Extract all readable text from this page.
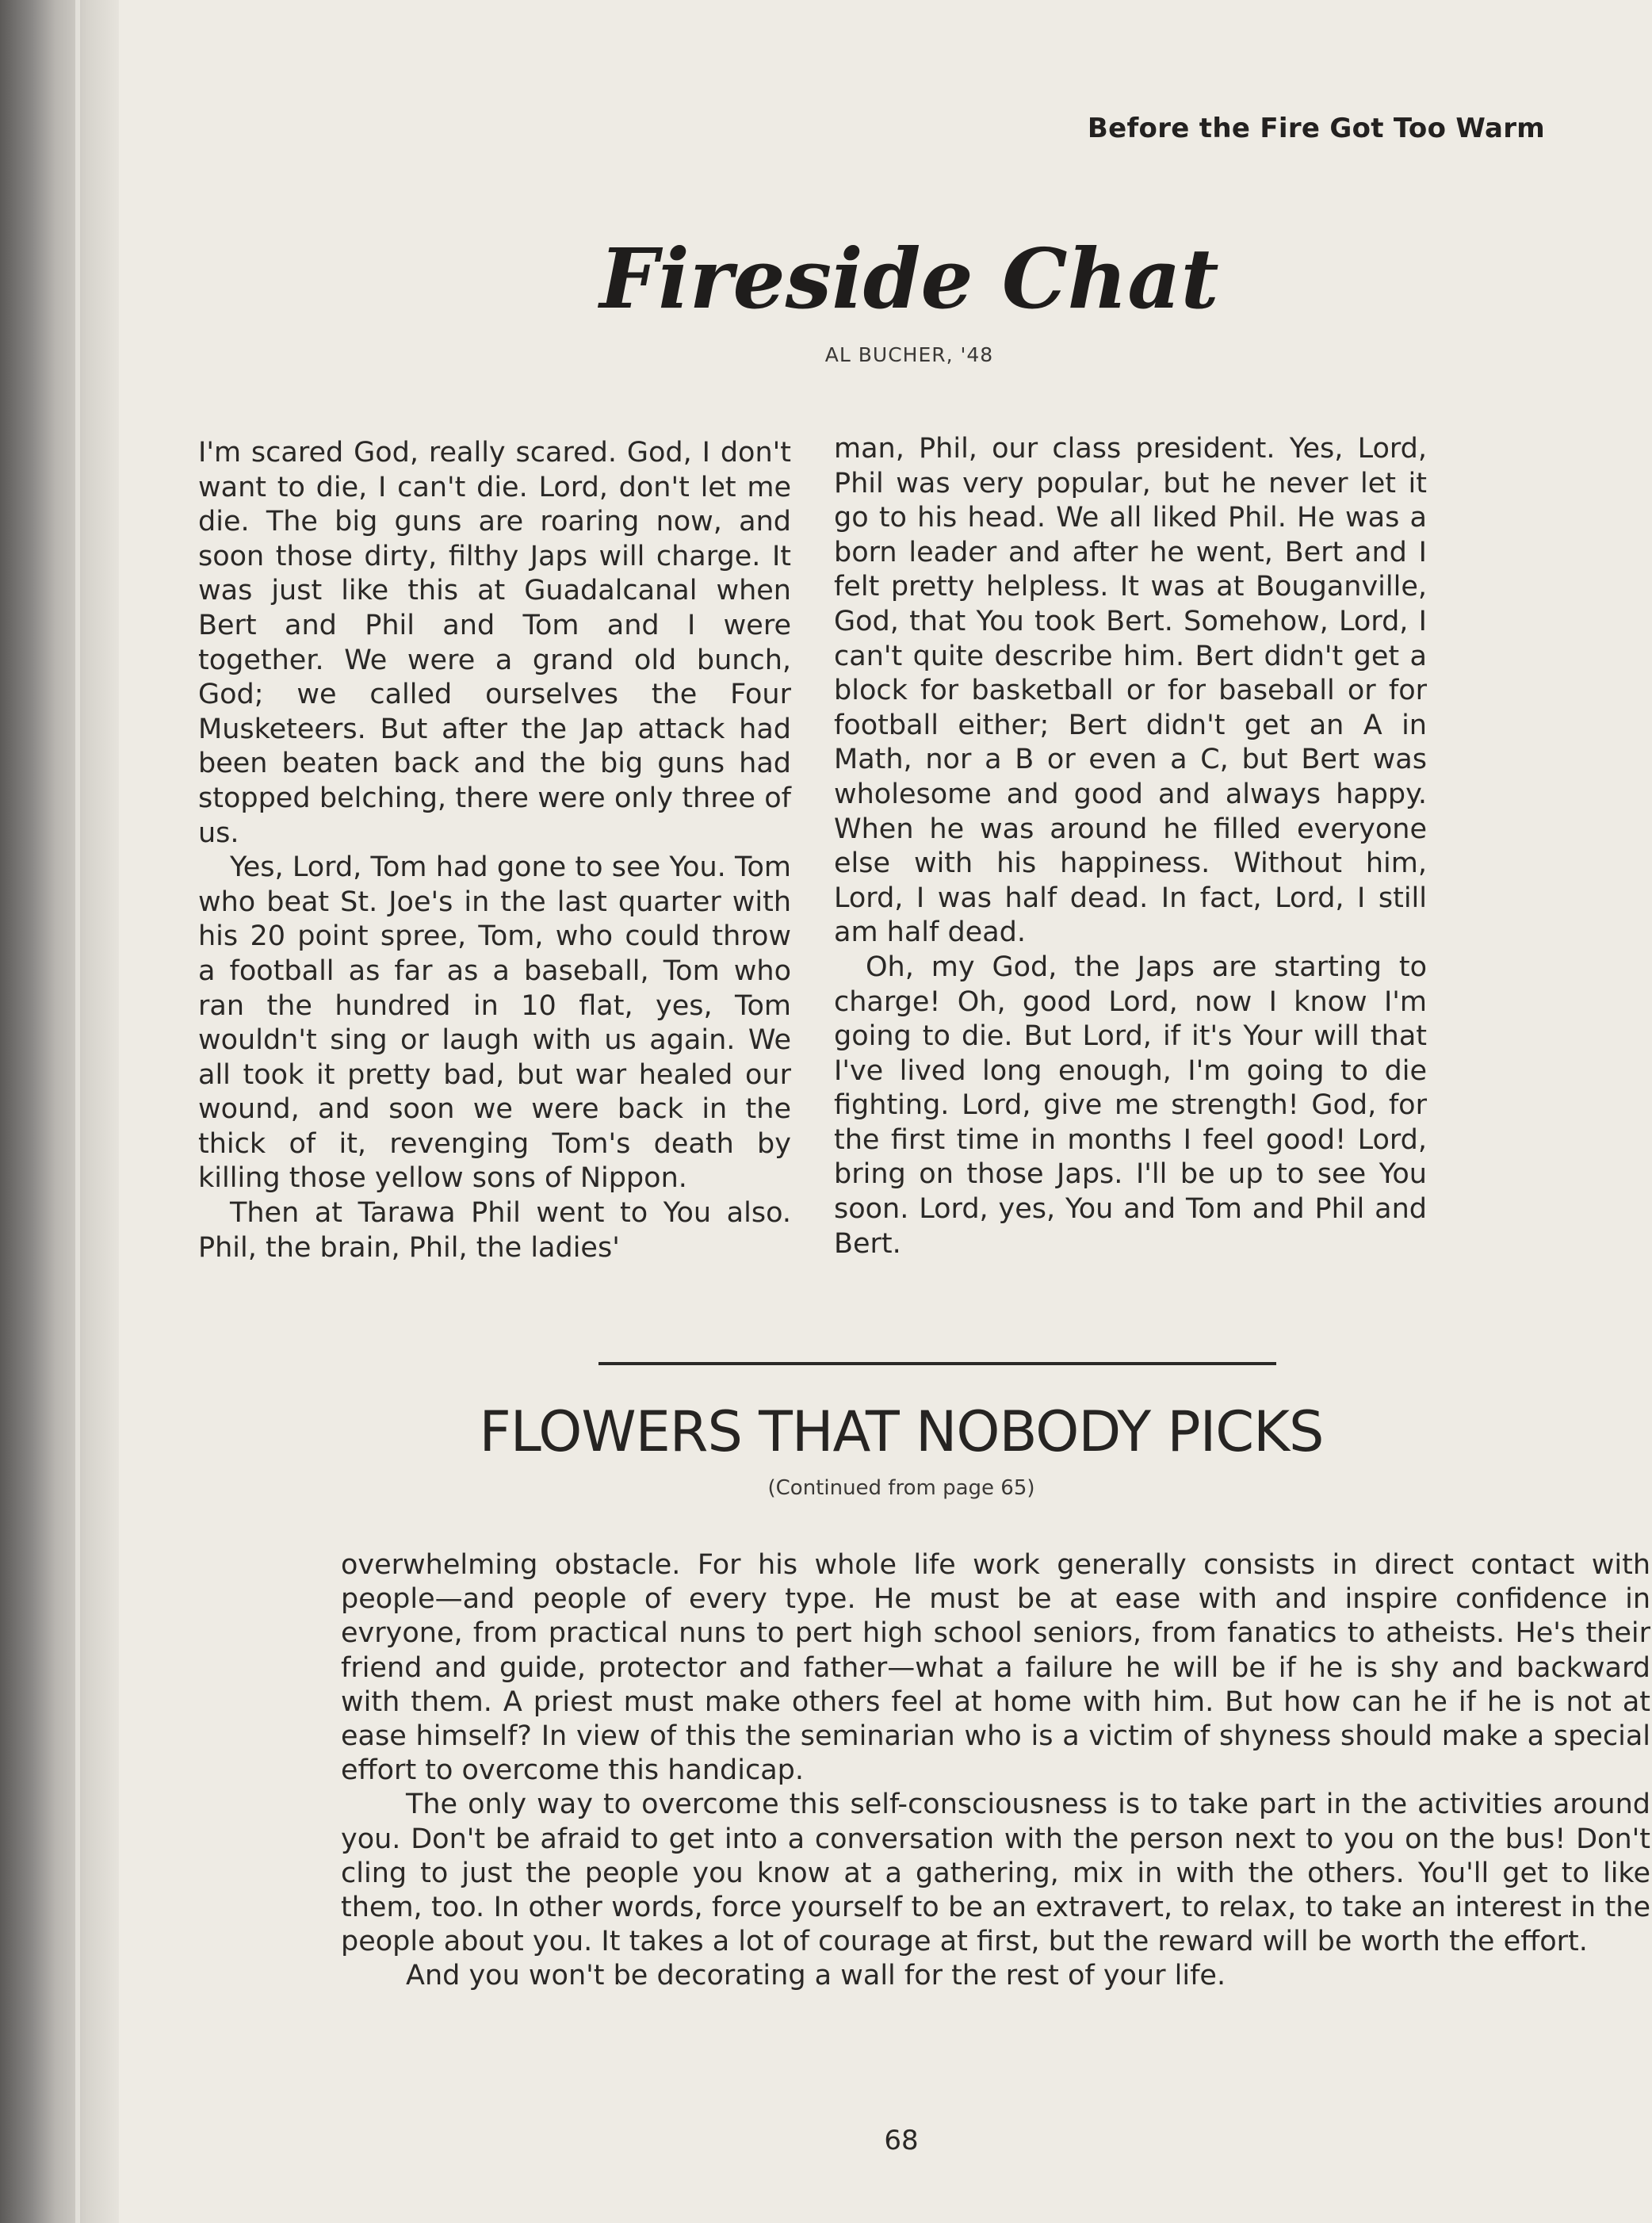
Before the Fire Got Too Warm
Fireside Chat
AL BUCHER, '48

I'm scared God, really scared. God, I don't want to die, I can't die. Lord, don't let me die. The big guns are roaring now, and soon those dirty, filthy Japs will charge. It was just like this at Guadalcanal when Bert and Phil and Tom and I were together. We were a grand old bunch, God; we called ourselves the Four Musketeers. But after the Jap attack had been beaten back and the big guns had stopped belching, there were only three of us.

Yes, Lord, Tom had gone to see You. Tom who beat St. Joe's in the last quarter with his 20 point spree, Tom, who could throw a football as far as a baseball, Tom who ran the hundred in 10 flat, yes, Tom wouldn't sing or laugh with us again. We all took it pretty bad, but war healed our wound, and soon we were back in the thick of it, revenging Tom's death by killing those yellow sons of Nippon.

Then at Tarawa Phil went to You also. Phil, the brain, Phil, the ladies'

man, Phil, our class president. Yes, Lord, Phil was very popular, but he never let it go to his head. We all liked Phil. He was a born leader and after he went, Bert and I felt pretty helpless. It was at Bouganville, God, that You took Bert. Somehow, Lord, I can't quite describe him. Bert didn't get a block for basketball or for baseball or for football either; Bert didn't get an A in Math, nor a B or even a C, but Bert was wholesome and good and always happy. When he was around he filled everyone else with his happiness. Without him, Lord, I was half dead. In fact, Lord, I still am half dead.

Oh, my God, the Japs are starting to charge! Oh, good Lord, now I know I'm going to die. But Lord, if it's Your will that I've lived long enough, I'm going to die fighting. Lord, give me strength! God, for the first time in months I feel good! Lord, bring on those Japs. I'll be up to see You soon. Lord, yes, You and Tom and Phil and Bert.

FLOWERS THAT NOBODY PICKS
(Continued from page 65)

overwhelming obstacle. For his whole life work generally consists in direct contact with people—and people of every type. He must be at ease with and inspire confidence in evryone, from practical nuns to pert high school seniors, from fanatics to atheists. He's their friend and guide, protector and father—what a failure he will be if he is shy and backward with them. A priest must make others feel at home with him. But how can he if he is not at ease himself? In view of this the seminarian who is a victim of shyness should make a special effort to overcome this handicap.

The only way to overcome this self-consciousness is to take part in the activities around you. Don't be afraid to get into a conversation with the person next to you on the bus! Don't cling to just the people you know at a gathering, mix in with the others. You'll get to like them, too. In other words, force yourself to be an extravert, to relax, to take an interest in the people about you. It takes a lot of courage at first, but the reward will be worth the effort.

And you won't be decorating a wall for the rest of your life.

68
